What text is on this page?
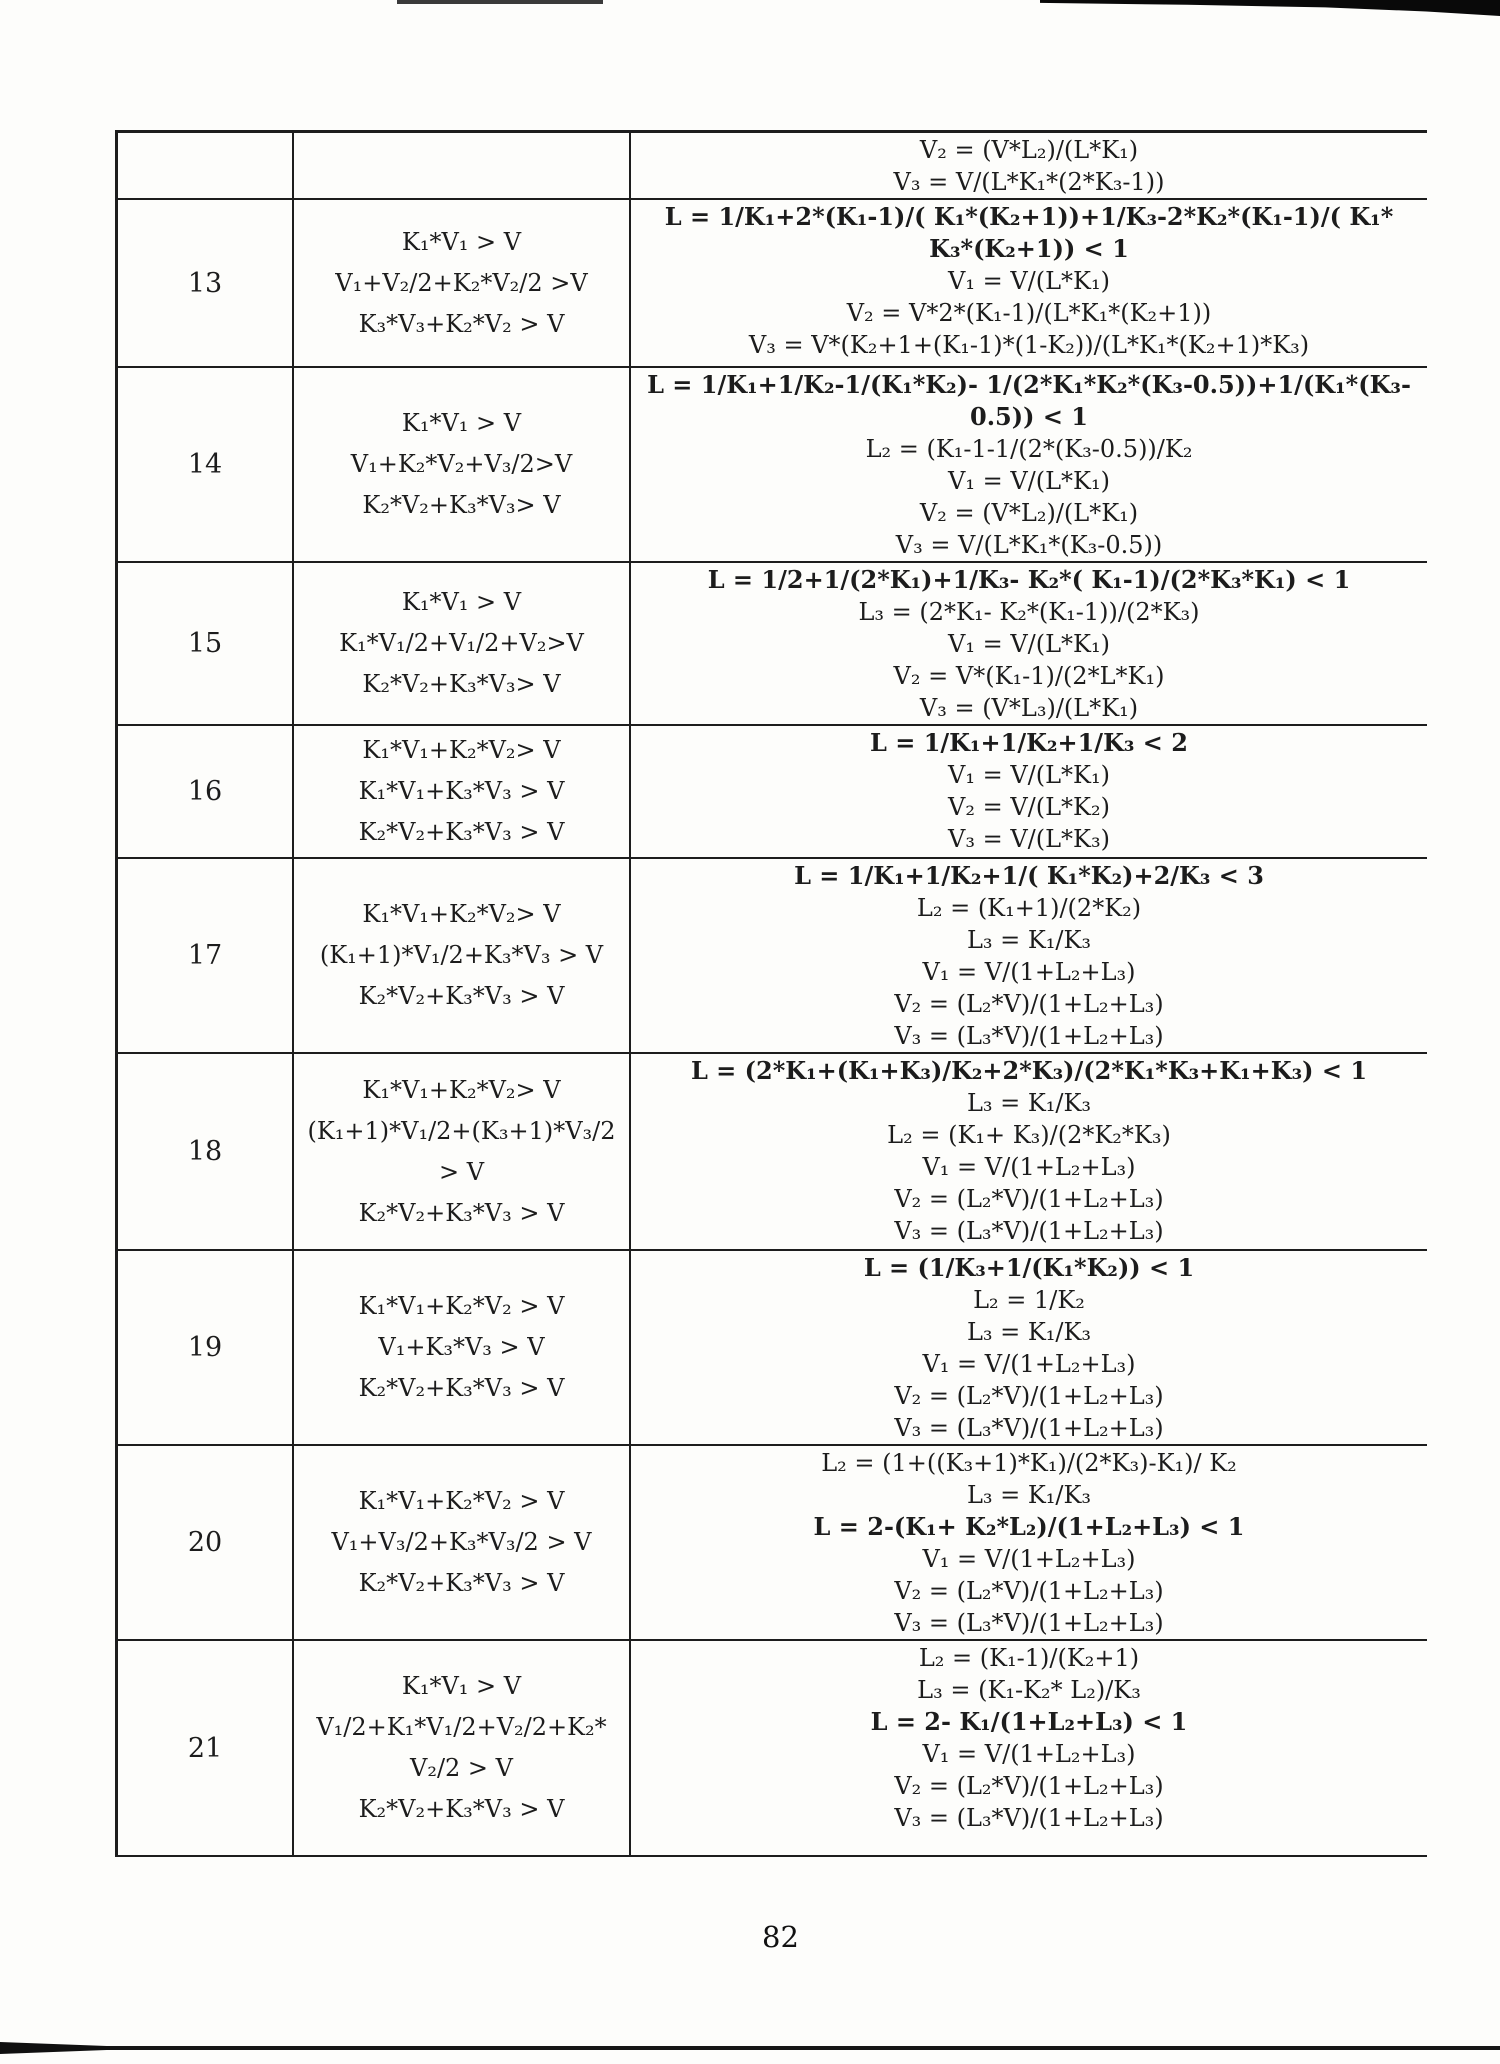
V₂ = (V*L₂)/(L*K₁)
V₃ = V/(L*K₁*(2*K₃-1))
13
K₁*V₁ > V
V₁+V₂/2+K₂*V₂/2 >V
K₃*V₃+K₂*V₂ > V
L = 1/K₁+2*(K₁-1)/( K₁*(K₂+1))+1/K₃-2*K₂*(K₁-1)/( K₁*
K₃*(K₂+1)) < 1
V₁ = V/(L*K₁)
V₂ = V*2*(K₁-1)/(L*K₁*(K₂+1))
V₃ = V*(K₂+1+(K₁-1)*(1-K₂))/(L*K₁*(K₂+1)*K₃)
14
K₁*V₁ > V
V₁+K₂*V₂+V₃/2>V
K₂*V₂+K₃*V₃> V
L = 1/K₁+1/K₂-1/(K₁*K₂)- 1/(2*K₁*K₂*(K₃-0.5))+1/(K₁*(K₃-
0.5)) < 1
L₂ = (K₁-1-1/(2*(K₃-0.5))/K₂
V₁ = V/(L*K₁)
V₂ = (V*L₂)/(L*K₁)
V₃ = V/(L*K₁*(K₃-0.5))
15
K₁*V₁ > V
K₁*V₁/2+V₁/2+V₂>V
K₂*V₂+K₃*V₃> V
L = 1/2+1/(2*K₁)+1/K₃- K₂*( K₁-1)/(2*K₃*K₁) < 1
L₃ = (2*K₁- K₂*(K₁-1))/(2*K₃)
V₁ = V/(L*K₁)
V₂ = V*(K₁-1)/(2*L*K₁)
V₃ = (V*L₃)/(L*K₁)
16
K₁*V₁+K₂*V₂> V
K₁*V₁+K₃*V₃ > V
K₂*V₂+K₃*V₃ > V
L = 1/K₁+1/K₂+1/K₃ < 2
V₁ = V/(L*K₁)
V₂ = V/(L*K₂)
V₃ = V/(L*K₃)
17
K₁*V₁+K₂*V₂> V
(K₁+1)*V₁/2+K₃*V₃ > V
K₂*V₂+K₃*V₃ > V
L = 1/K₁+1/K₂+1/( K₁*K₂)+2/K₃ < 3
L₂ = (K₁+1)/(2*K₂)
L₃ = K₁/K₃
V₁ = V/(1+L₂+L₃)
V₂ = (L₂*V)/(1+L₂+L₃)
V₃ = (L₃*V)/(1+L₂+L₃)
18
K₁*V₁+K₂*V₂> V
(K₁+1)*V₁/2+(K₃+1)*V₃/2
> V
K₂*V₂+K₃*V₃ > V
L = (2*K₁+(K₁+K₃)/K₂+2*K₃)/(2*K₁*K₃+K₁+K₃) < 1
L₃ = K₁/K₃
L₂ = (K₁+ K₃)/(2*K₂*K₃)
V₁ = V/(1+L₂+L₃)
V₂ = (L₂*V)/(1+L₂+L₃)
V₃ = (L₃*V)/(1+L₂+L₃)
19
K₁*V₁+K₂*V₂ > V
V₁+K₃*V₃ > V
K₂*V₂+K₃*V₃ > V
L = (1/K₃+1/(K₁*K₂)) < 1
L₂ = 1/K₂
L₃ = K₁/K₃
V₁ = V/(1+L₂+L₃)
V₂ = (L₂*V)/(1+L₂+L₃)
V₃ = (L₃*V)/(1+L₂+L₃)
20
K₁*V₁+K₂*V₂ > V
V₁+V₃/2+K₃*V₃/2 > V
K₂*V₂+K₃*V₃ > V
L₂ = (1+((K₃+1)*K₁)/(2*K₃)-K₁)/ K₂
L₃ = K₁/K₃
L = 2-(K₁+ K₂*L₂)/(1+L₂+L₃) < 1
V₁ = V/(1+L₂+L₃)
V₂ = (L₂*V)/(1+L₂+L₃)
V₃ = (L₃*V)/(1+L₂+L₃)
21
K₁*V₁ > V
V₁/2+K₁*V₁/2+V₂/2+K₂*
V₂/2 > V
K₂*V₂+K₃*V₃ > V
L₂ = (K₁-1)/(K₂+1)
L₃ = (K₁-K₂* L₂)/K₃
L = 2- K₁/(1+L₂+L₃) < 1
V₁ = V/(1+L₂+L₃)
V₂ = (L₂*V)/(1+L₂+L₃)
V₃ = (L₃*V)/(1+L₂+L₃)
82
